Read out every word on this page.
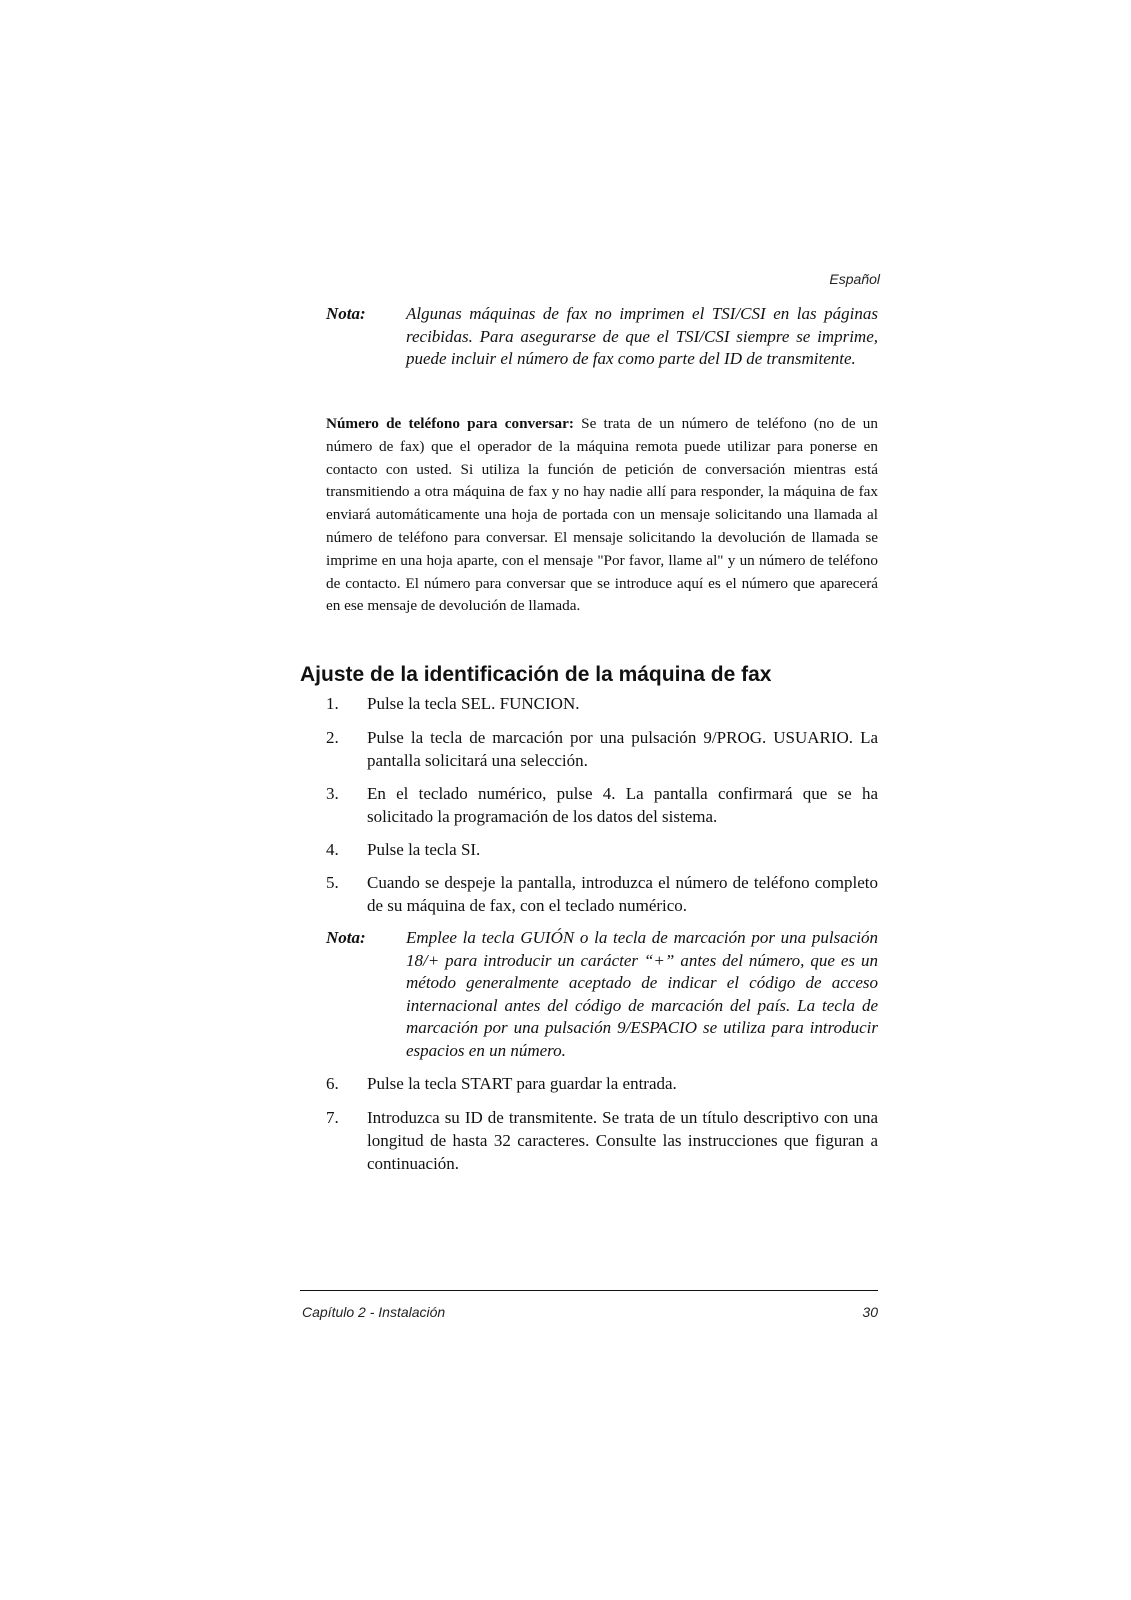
Español
Nota: Algunas máquinas de fax no imprimen el TSI/CSI en las páginas recibidas. Para asegurarse de que el TSI/CSI siempre se imprime, puede incluir el número de fax como parte del ID de transmitente.
Número de teléfono para conversar: Se trata de un número de teléfono (no de un número de fax) que el operador de la máquina remota puede utilizar para ponerse en contacto con usted. Si utiliza la función de petición de conversación mientras está transmitiendo a otra máquina de fax y no hay nadie allí para responder, la máquina de fax enviará automáticamente una hoja de portada con un mensaje solicitando una llamada al número de teléfono para conversar. El mensaje solicitando la devolución de llamada se imprime en una hoja aparte, con el mensaje "Por favor, llame al" y un número de teléfono de contacto. El número para conversar que se introduce aquí es el número que aparecerá en ese mensaje de devolución de llamada.
Ajuste de la identificación de la máquina de fax
1. Pulse la tecla SEL. FUNCION.
2. Pulse la tecla de marcación por una pulsación 9/PROG. USUARIO. La pantalla solicitará una selección.
3. En el teclado numérico, pulse 4. La pantalla confirmará que se ha solicitado la programación de los datos del sistema.
4. Pulse la tecla SI.
5. Cuando se despeje la pantalla, introduzca el número de teléfono completo de su máquina de fax, con el teclado numérico.
Nota: Emplee la tecla GUIÓN o la tecla de marcación por una pulsación 18/+ para introducir un carácter “+” antes del número, que es un método generalmente aceptado de indicar el código de acceso internacional antes del código de marcación del país. La tecla de marcación por una pulsación 9/ESPACIO se utiliza para introducir espacios en un número.
6. Pulse la tecla START para guardar la entrada.
7. Introduzca su ID de transmitente. Se trata de un título descriptivo con una longitud de hasta 32 caracteres. Consulte las instrucciones que figuran a continuación.
Capítulo 2 - Instalación	30
